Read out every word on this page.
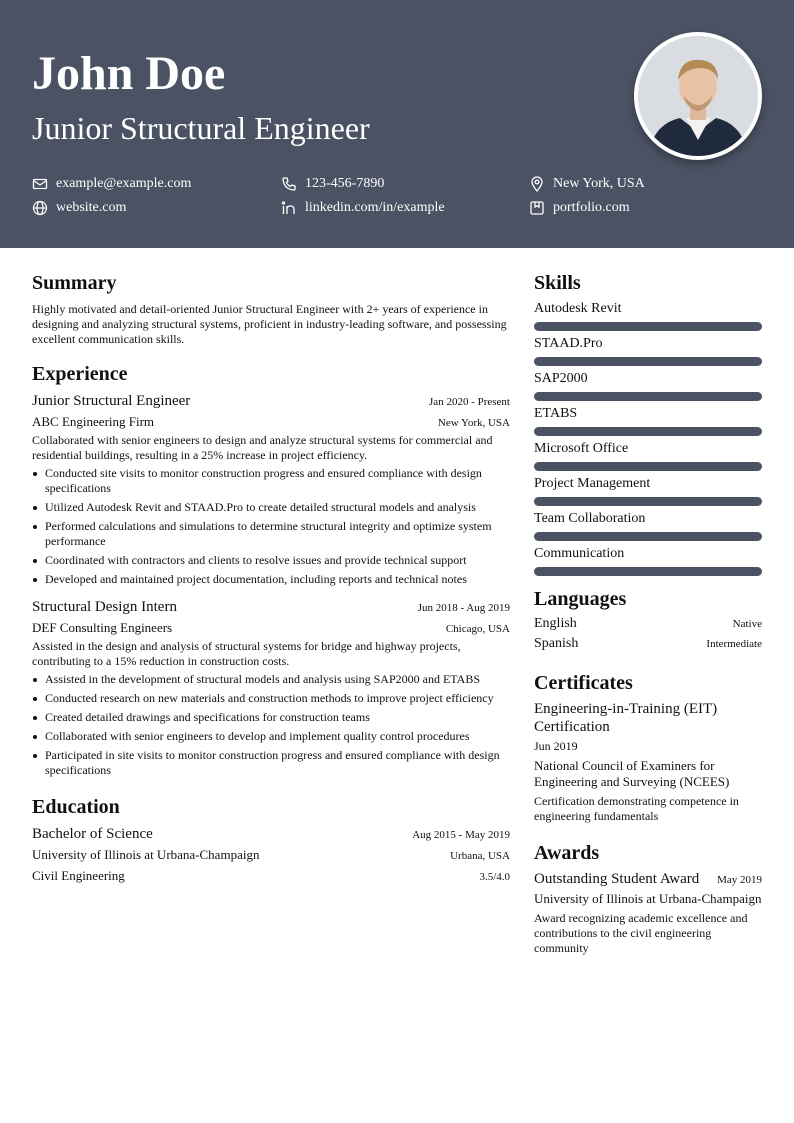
John Doe
Junior Structural Engineer
example@example.com	123-456-7890	New York, USA
website.com	linkedin.com/in/example	portfolio.com
Summary

Highly motivated and detail-oriented Junior Structural Engineer with 2+ years of experience in designing and analyzing structural systems, proficient in industry-leading software, and possessing excellent communication skills.

Experience
Junior Structural Engineer	Jan 2020 - Present
ABC Engineering Firm	New York, USA

Collaborated with senior engineers to design and analyze structural systems for commercial and residential buildings, resulting in a 25% increase in project efficiency.

Conducted site visits to monitor construction progress and ensured compliance with design specifications
Utilized Autodesk Revit and STAAD.Pro to create detailed structural models and analysis
Performed calculations and simulations to determine structural integrity and optimize system performance
Coordinated with contractors and clients to resolve issues and provide technical support
Developed and maintained project documentation, including reports and technical notes
Structural Design Intern	Jun 2018 - Aug 2019
DEF Consulting Engineers	Chicago, USA

Assisted in the design and analysis of structural systems for bridge and highway projects, contributing to a 15% reduction in construction costs.

Assisted in the development of structural models and analysis using SAP2000 and ETABS
Conducted research on new materials and construction methods to improve project efficiency
Created detailed drawings and specifications for construction teams
Collaborated with senior engineers to develop and implement quality control procedures
Participated in site visits to monitor construction progress and ensured compliance with design specifications
Education
Bachelor of Science	Aug 2015 - May 2019
University of Illinois at Urbana-Champaign	Urbana, USA
Civil Engineering	3.5/4.0
Skills
Autodesk Revit
STAAD.Pro
SAP2000
ETABS
Microsoft Office
Project Management
Team Collaboration
Communication
Languages
English	Native
Spanish	Intermediate
Certificates
Engineering-in-Training (EIT) Certification
Jun 2019
National Council of Examiners for Engineering and Surveying (NCEES)
Certification demonstrating competence in engineering fundamentals
Awards
Outstanding Student Award May 2019
University of Illinois at Urbana-Champaign
Award recognizing academic excellence and contributions to the civil engineering community
